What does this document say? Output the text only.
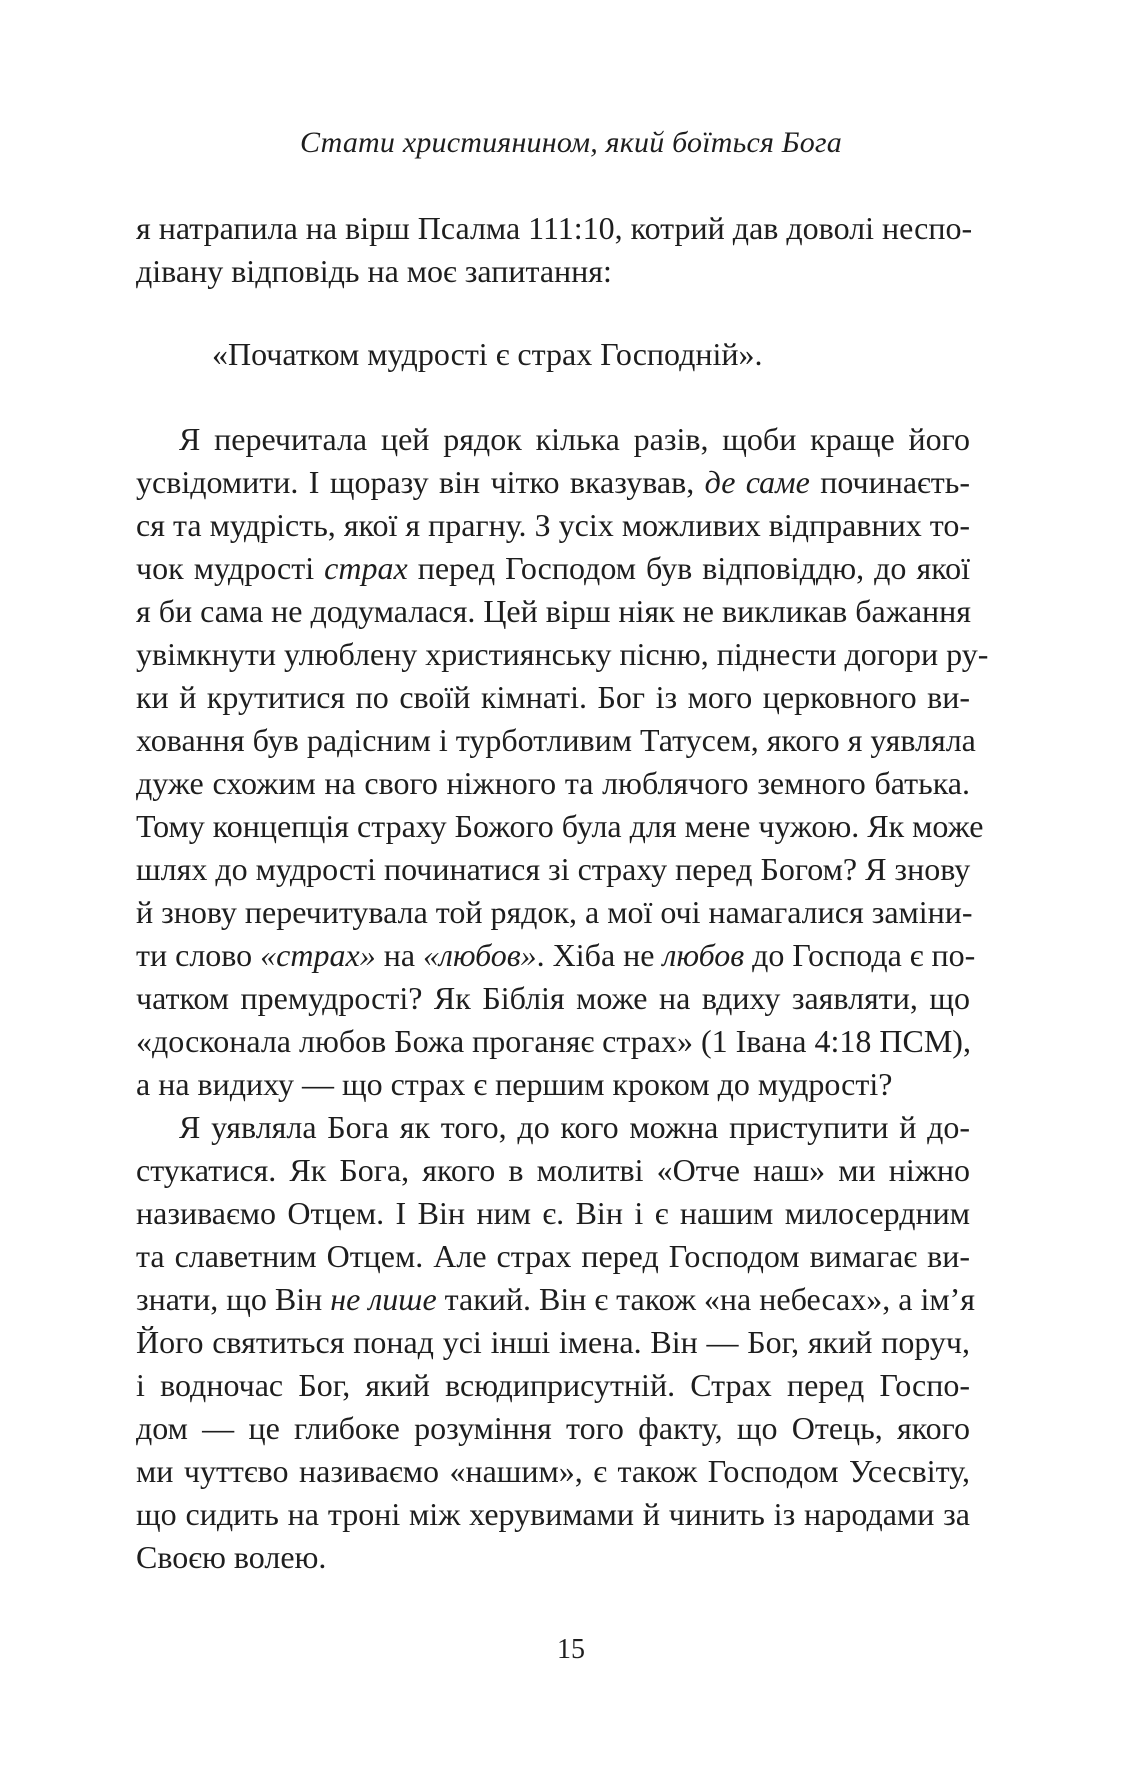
Стати християнином, який боїться Бога
я натрапила на вірш Псалма 111:10, котрий дав доволі неспо-
дівану відповідь на моє запитання:
«Початком мудрості є страх Господній».
Я перечитала цей рядок кілька разів, щоби краще його
усвідомити. І щоразу він чітко вказував, де саме починаєть-
ся та мудрість, якої я прагну. З усіх можливих відправних то-
чок мудрості страх перед Господом був відповіддю, до якої
я би сама не додумалася. Цей вірш ніяк не викликав бажання
увімкнути улюблену християнську пісню, піднести догори ру-
ки й крутитися по своїй кімнаті. Бог із мого церковного ви-
ховання був радісним і турботливим Татусем, якого я уявляла
дуже схожим на свого ніжного та люблячого земного батька.
Тому концепція страху Божого була для мене чужою. Як може
шлях до мудрості починатися зі страху перед Богом? Я знову
й знову перечитувала той рядок, а мої очі намагалися заміни-
ти слово «страх» на «любов». Хіба не любов до Господа є по-
чатком премудрості? Як Біблія може на вдиху заявляти, що
«досконала любов Божа проганяє страх» (1 Івана 4:18 ПСМ),
а на видиху — що страх є першим кроком до мудрості?
Я уявляла Бога як того, до кого можна приступити й до-
стукатися. Як Бога, якого в молитві «Отче наш» ми ніжно
називаємо Отцем. І Він ним є. Він і є нашим милосердним
та славетним Отцем. Але страх перед Господом вимагає ви-
знати, що Він не лише такий. Він є також «на небесах», а ім’я
Його святиться понад усі інші імена. Він — Бог, який поруч,
і водночас Бог, який всюдиприсутній. Страх перед Госпо-
дом — це глибоке розуміння того факту, що Отець, якого
ми чуттєво називаємо «нашим», є також Господом Усесвіту,
що сидить на троні між херувимами й чинить із народами за
Своєю волею.
15
